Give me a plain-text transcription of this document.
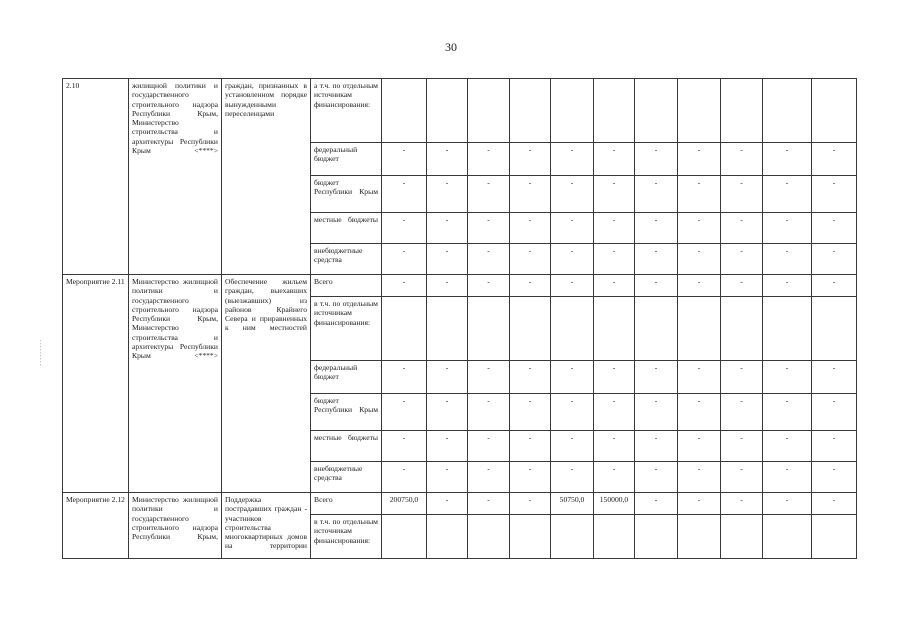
30
2.10	жилищной политики и государственного строительного надзора Республики Крым, Министерство строительства и архитектуры Республики Крым <****>	граждан, признанных в установленном порядке вынужденными переселенцами	а т.ч. по отдельным источникам финансирования:											
			федеральный бюджет	-	-	-	-	-	-	-	-	-	-	-
			бюджет Республики Крым	-	-	-	-	-	-	-	-	-	-	-
			местные бюджеты	-	-	-	-	-	-	-	-	-	-	-
			внебюджетные средства	-	-	-	-	-	-	-	-	-	-	-
Мероприятие 2.11	Министерство жилищной политики и государственного строительного надзора Республики Крым, Министерство строительства и архитектуры Республики Крым <****>	Обеспечение жильем граждан, выехавших (выезжавших) из районов Крайнего Севера и приравненных к ним местностей	Всего	-	-	-	-	-	-	-	-	-	-	-
			в т.ч. по отдельным источникам финансирования:											
			федеральный бюджет	-	-	-	-	-	-	-	-	-	-	-
			бюджет Республики Крым	-	-	-	-	-	-	-	-	-	-	-
			местные бюджеты	-	-	-	-	-	-	-	-	-	-	-
			внебюджетные средства	-	-	-	-	-	-	-	-	-	-	-
Мероприятие 2.12	Министерство жилищной политики и государственного строительного надзора Республики Крым,	Поддержка пострадавших граждан - участников строительства многоквартирных домов на территории	Всего	200750,0	-	-	-	50750,0	150000,0	-	-	-	-	-
			в т.ч. по отдельным источникам финансирования:											
